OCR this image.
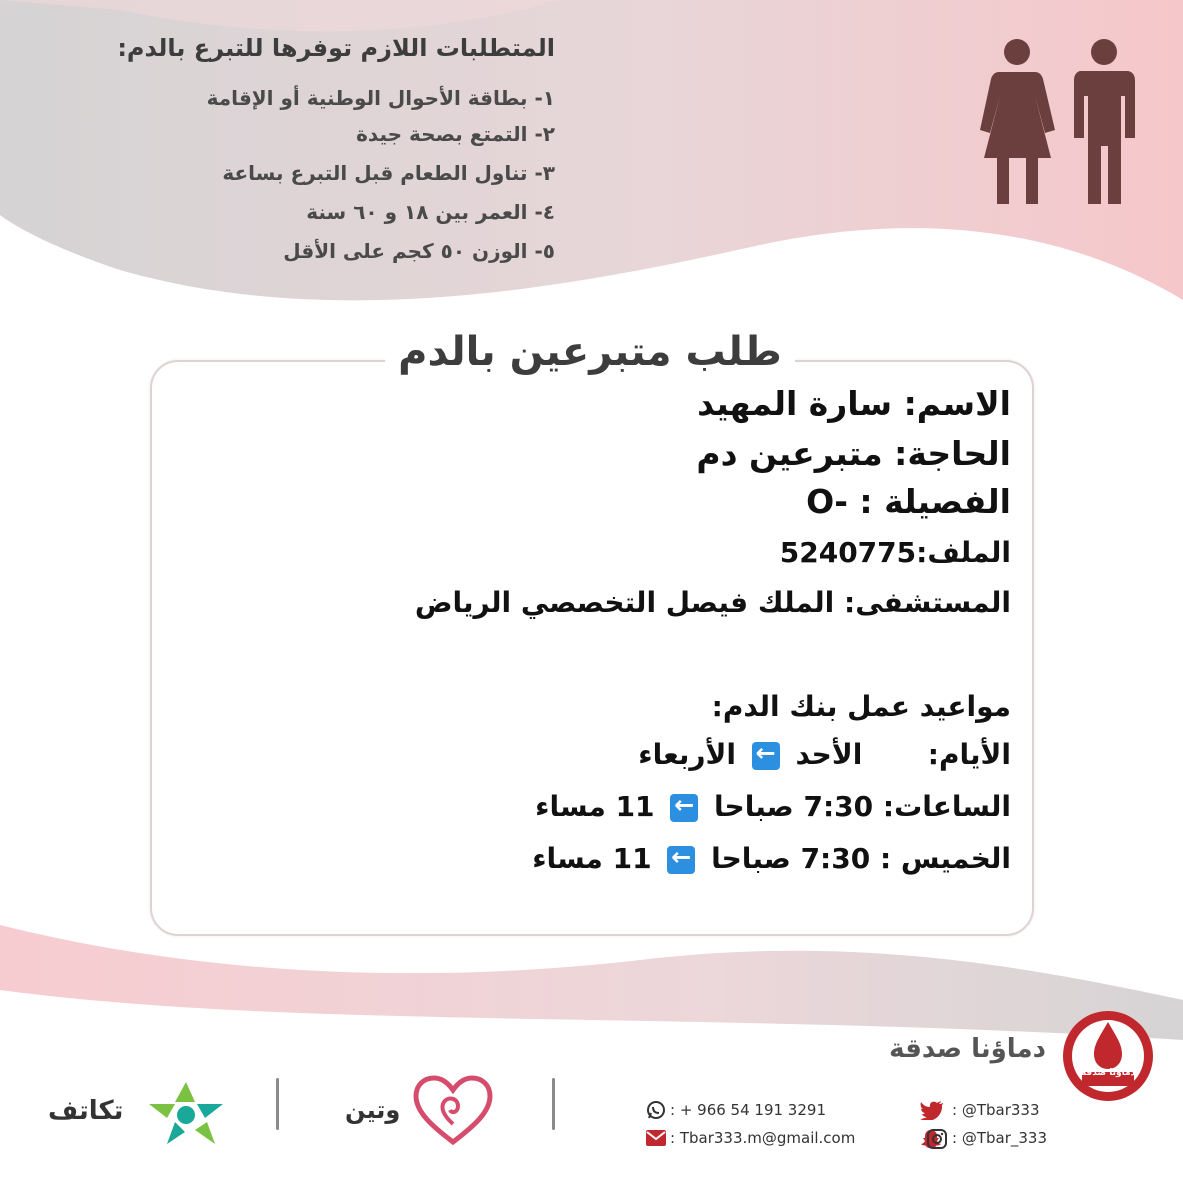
المتطلبات اللازم توفرها للتبرع بالدم:
١- بطاقة الأحوال الوطنية أو الإقامة
٢- التمتع بصحة جيدة
٣- تناول الطعام قبل التبرع بساعة
٤- العمر بين ١٨ و ٦٠ سنة
٥- الوزن ٥٠ كجم على الأقل
طلب متبرعين بالدم
الاسم: سارة المهيد
الحاجة: متبرعين دم
الفصيلة : -O
الملف:5240775
المستشفى: الملك فيصل التخصصي الرياض
مواعيد عمل بنك الدم:
الأيام:  الأحد ← الأربعاء
الساعات: 7:30 صباحا ← 11 مساء
الخميس : 7:30 صباحا ← 11 مساء
دماؤنا صدقة
دماؤنا صدقة
تكاتف	وتين	: + 966 54 191 3291
: Tbar333.m@gmail.com
: @Tbar333
: @Tbar_333
